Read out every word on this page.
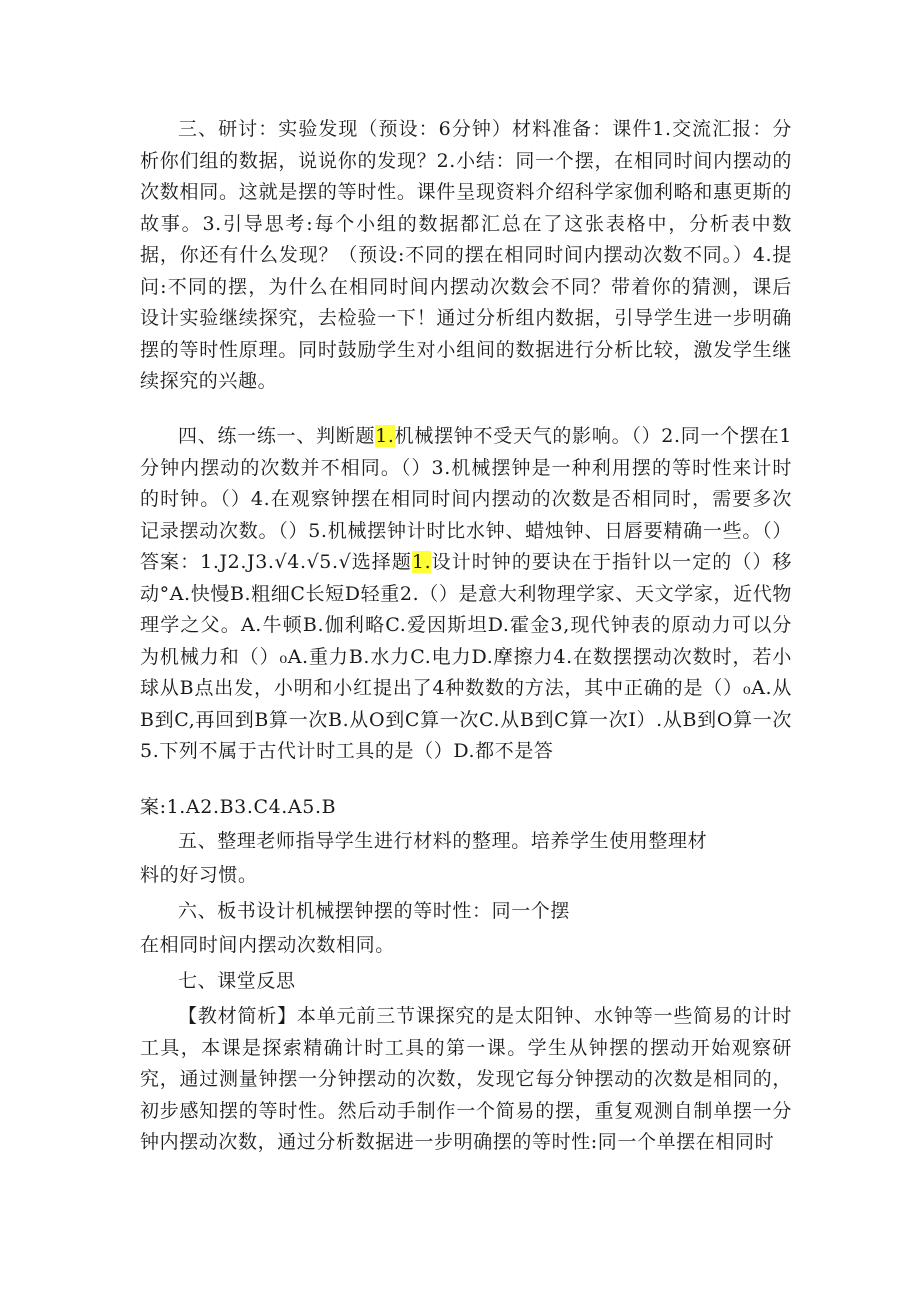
三、研讨：实验发现（预设：6分钟）材料准备：课件1.交流汇报：分析你们组的数据，说说你的发现？2.小结：同一个摆，在相同时间内摆动的次数相同。这就是摆的等时性。课件呈现资料介绍科学家伽利略和惠更斯的故事。3.引导思考:每个小组的数据都汇总在了这张表格中，分析表中数据，你还有什么发现？（预设:不同的摆在相同时间内摆动次数不同。）4.提问:不同的摆，为什么在相同时间内摆动次数会不同？带着你的猜测，课后设计实验继续探究，去检验一下！通过分析组内数据，引导学生进一步明确摆的等时性原理。同时鼓励学生对小组间的数据进行分析比较，激发学生继续探究的兴趣。

四、练一练一、判断题1.机械摆钟不受天气的影响。（）2.同一个摆在1分钟内摆动的次数并不相同。（）3.机械摆钟是一种利用摆的等时性来计时的时钟。（）4.在观察钟摆在相同时间内摆动的次数是否相同时，需要多次记录摆动次数。（）5.机械摆钟计时比水钟、蜡烛钟、日唇要精确一些。（）答案：1.J2.J3.√4.√5.√选择题1.设计时钟的要诀在于指针以一定的（）移动°A.快慢B.粗细C长短D轻重2.（）是意大利物理学家、天文学家，近代物理学之父。A.牛顿B.伽利略C.爱因斯坦D.霍金3,现代钟表的原动力可以分为机械力和（）₀A.重力B.水力C.电力D.摩擦力4.在数摆摆动次数时，若小球从B点出发，小明和小红提出了4种数数的方法，其中正确的是（）₀A.从B到C,再回到B算一次B.从O到C算一次C.从B到C算一次I）.从B到O算一次5.下列不属于古代计时工具的是（）D.都不是答

案:1.A2.B3.C4.A5.B

五、整理老师指导学生进行材料的整理。培养学生使用整理材

料的好习惯。

六、板书设计机械摆钟摆的等时性：同一个摆

在相同时间内摆动次数相同。

七、课堂反思

【教材简析】本单元前三节课探究的是太阳钟、水钟等一些简易的计时工具，本课是探索精确计时工具的第一课。学生从钟摆的摆动开始观察研究，通过测量钟摆一分钟摆动的次数，发现它每分钟摆动的次数是相同的，初步感知摆的等时性。然后动手制作一个简易的摆，重复观测自制单摆一分钟内摆动次数，通过分析数据进一步明确摆的等时性:同一个单摆在相同时
